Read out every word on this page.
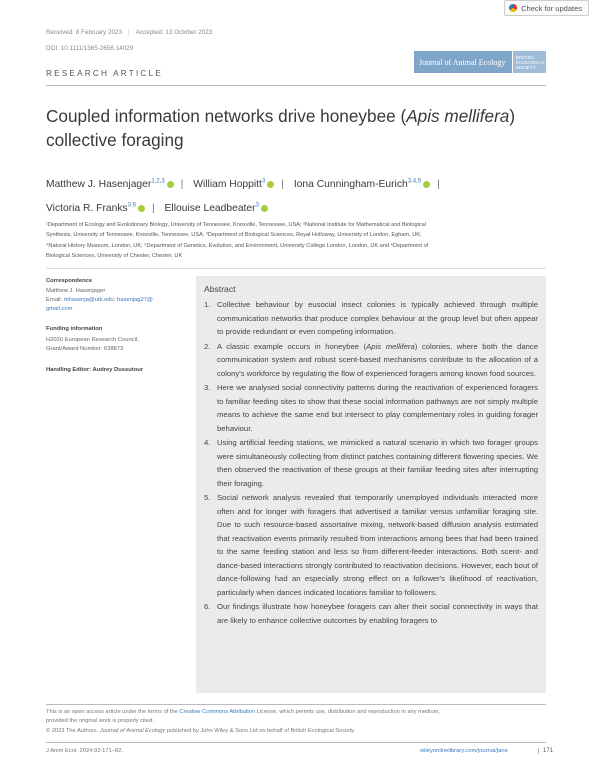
Check for updates
Received: 8 February 2023 | Accepted: 13 October 2023
DOI: 10.1111/1365-2656.14029
RESEARCH ARTICLE
Journal of Animal Ecology
BRITISH ECOLOGICAL SOCIETY
Coupled information networks drive honeybee (Apis mellifera)
collective foraging
Matthew J. Hasenjager$^{1,2,3}$ | William Hoppitt$^3$ | Iona Cunningham-Eurich$^{3,4,5}$ |
Victoria R. Franks$^{3,6}$ | Ellouise Leadbeater$^3$
¹Department of Ecology and Evolutionary Biology, University of Tennessee, Knoxville, Tennessee, USA; ²National Institute for Mathematical and Biological
Synthesis, University of Tennessee, Knoxville, Tennessee, USA; ³Department of Biological Sciences, Royal Holloway, University of London, Egham, UK;
⁴Natural History Museum, London, UK; ⁵Department of Genetics, Evolution, and Environment, University College London, London, UK and ⁶Department of
Biological Sciences, University of Chester, Chester, UK
Correspondence
Matthew J. Hasenjager
Email: mhasenja@utk.edu; hasenjag27@
gmail.com
Funding information
H2020 European Research Council,
Grant/Award Number: 638873
Handling Editor: Audrey Dussutour
Abstract
1. Collective behaviour by eusocial insect colonies is typically achieved through multiple communication networks that produce complex behaviour at the group level but often appear to provide redundant or even competing information.
2. A classic example occurs in honeybee (Apis mellifera) colonies, where both the dance communication system and robust scent-based mechanisms contribute to the allocation of a colony's workforce by regulating the flow of experienced foragers among known food sources.
3. Here we analysed social connectivity patterns during the reactivation of experienced foragers to familiar feeding sites to show that these social information pathways are not simply multiple means to achieve the same end but intersect to play complementary roles in guiding forager behaviour.
4. Using artificial feeding stations, we mimicked a natural scenario in which two forager groups were simultaneously collecting from distinct patches containing different flowering species. We then observed the reactivation of these groups at their familiar feeding sites after interrupting their foraging.
5. Social network analysis revealed that temporarily unemployed individuals interacted more often and for longer with foragers that advertised a familiar versus unfamiliar foraging site. Due to such resource-based assortative mixing, network-based diffusion analysis estimated that reactivation events primarily resulted from interactions among bees that had been trained to the same feeding station and less so from different-feeder interactions. Both scent- and dance-based interactions strongly contributed to reactivation decisions. However, each bout of dance-following had an especially strong effect on a follower's likelihood of reactivation, particularly when dances indicated locations familiar to followers.
6. Our findings illustrate how honeybee foragers can alter their social connectivity in ways that are likely to enhance collective outcomes by enabling foragers to
This is an open access article under the terms of the Creative Commons Attribution License, which permits use, distribution and reproduction in any medium,
provided the original work is properly cited.
© 2023 The Authors. Journal of Animal Ecology published by John Wiley & Sons Ltd on behalf of British Ecological Society.
J Anim Ecol. 2024;93:171–82.	wileyonlinelibrary.com/journal/jane	171
